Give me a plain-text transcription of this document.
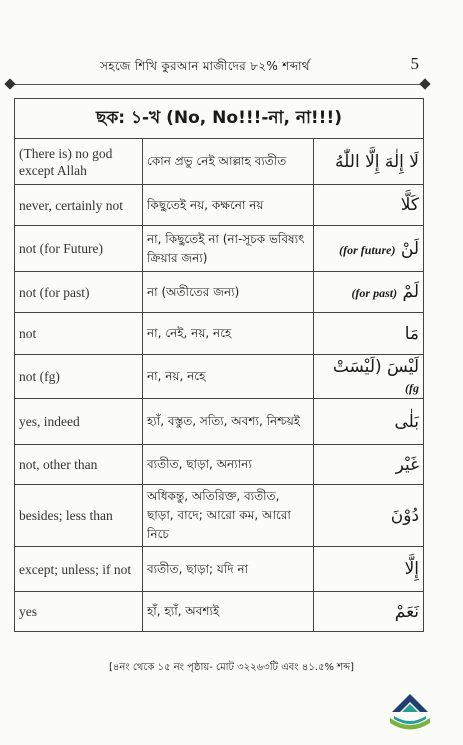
সহজে শিখি কুরআন মাজীদের ৮২% শব্দার্থ	5
ছক: ১-খ (No, No!!!-না, না!!!)		
(There is) no god except Allah	কোন প্রভু নেই আল্লাহ ব্যতীত	لَا إِلٰهَ إِلَّا اللّٰهُ
never, certainly not	কিছুতেই নয়, কক্ষনো নয়	كَلَّا
not (for Future)	না, কিছুতেই না (না-সূচক ভবিষ্যৎ ক্রিয়ার জন্য)	لَنْ (for future)
not (for past)	না (অতীতের জন্য)	لَمْ (for past)
not	না, নেই, নয়, নহে	مَا
not (fg)	না, নয়, নহে	لَيْسَ (لَيْسَتْ (fg
yes, indeed	হ্যাঁ, বস্তুত, সত্যি, অবশ্য, নিশ্চয়ই	بَلٰى
not, other than	ব্যতীত, ছাড়া, অন্যান্য	غَيْر
besides; less than	অধিকন্তু, অতিরিক্ত, ব্যতীত, ছাড়া, বাদে; আরো কম, আরো নিচে	دُوْنَ
except; unless; if not	ব্যতীত, ছাড়া; যদি না	إِلَّا
yes	হাঁ, হ্যাঁ, অবশ্যই	نَعَمْ
[৪নং থেকে ১৫ নং পৃষ্ঠায়- মোট ৩২২৬৩টি এবং ৪১.৫% শব্দ]
